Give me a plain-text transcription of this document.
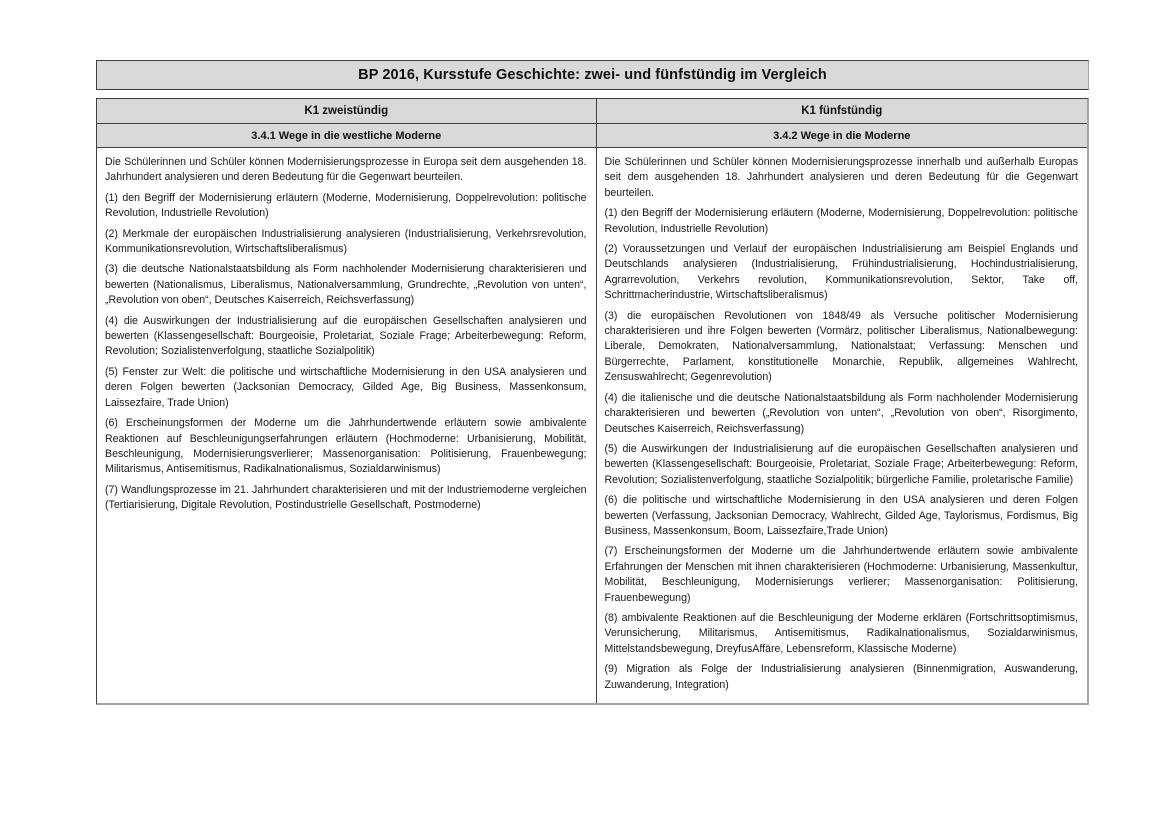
BP 2016, Kursstufe Geschichte: zwei- und fünfstündig im Vergleich
K1 zweistündig	K1 fünfstündig
3.4.1 Wege in die westliche Moderne	3.4.2 Wege in die Moderne

Die Schülerinnen und Schüler können Modernisierungsprozesse in Europa seit dem ausgehenden 18. Jahrhundert analysieren und deren Bedeutung für die Gegenwart beurteilen.

(1) den Begriff der Modernisierung erläutern (Moderne, Modernisierung, Doppelrevolution: politische Revolution, Industrielle Revolution)

(2) Merkmale der europäischen Industrialisierung analysieren (Industrialisierung, Verkehrsrevolution, Kommunikationsrevolution, Wirtschaftsliberalismus)

(3) die deutsche Nationalstaatsbildung als Form nachholender Modernisierung charakterisieren und bewerten (Nationalismus, Liberalismus, Nationalversammlung, Grundrechte, „Revolution von unten“, „Revolution von oben“, Deutsches Kaiserreich, Reichsverfassung)

(4) die Auswirkungen der Industrialisierung auf die europäischen Gesellschaften analysieren und bewerten (Klassengesellschaft: Bourgeoisie, Proletariat, Soziale Frage; Arbeiterbewegung: Reform, Revolution; Sozialistenverfolgung, staatliche Sozialpolitik)

(5) Fenster zur Welt: die politische und wirtschaftliche Modernisierung in den USA analysieren und deren Folgen bewerten (Jacksonian Democracy, Gilded Age, Big Business, Massenkonsum, Laissezfaire, Trade Union)

(6) Erscheinungsformen der Moderne um die Jahrhundertwende erläutern sowie ambivalente Reaktionen auf Beschleunigungserfahrungen erläutern (Hochmoderne: Urbanisierung, Mobilität, Beschleunigung, Modernisierungsverlierer; Massenorganisation: Politisierung, Frauenbewegung; Militarismus, Antisemitismus, Radikalnationalismus, Sozialdarwinismus)

(7) Wandlungsprozesse im 21. Jahrhundert charakterisieren und mit der Industriemoderne vergleichen (Tertiarisierung, Digitale Revolution, Postindustrielle Gesellschaft, Postmoderne)

Die Schülerinnen und Schüler können Modernisierungsprozesse innerhalb und außerhalb Europas seit dem ausgehenden 18. Jahrhundert analysieren und deren Bedeutung für die Gegenwart beurteilen.

(1) den Begriff der Modernisierung erläutern (Moderne, Modernisierung, Doppelrevolution: politische Revolution, Industrielle Revolution)

(2) Voraussetzungen und Verlauf der europäischen Industrialisierung am Beispiel Englands und Deutschlands analysieren (Industrialisierung, Frühindustrialisierung, Hochindustrialisierung, Agrarrevolution, Verkehrs revolution, Kommunikationsrevolution, Sektor, Take off, Schrittmacherindustrie, Wirtschaftsliberalismus)

(3) die europäischen Revolutionen von 1848/49 als Versuche politischer Modernisierung charakterisieren und ihre Folgen bewerten (Vormärz, politischer Liberalismus, Nationalbewegung: Liberale, Demokraten, Nationalversammlung, Nationalstaat; Verfassung: Menschen und Bürgerrechte, Parlament, konstitutionelle Monarchie, Republik, allgemeines Wahlrecht, Zensuswahlrecht; Gegenrevolution)

(4) die italienische und die deutsche Nationalstaatsbildung als Form nachholender Modernisierung charakterisieren und bewerten („Revolution von unten“, „Revolution von oben“, Risorgimento, Deutsches Kaiserreich, Reichsverfassung)

(5) die Auswirkungen der Industrialisierung auf die europäischen Gesellschaften analysieren und bewerten (Klassengesellschaft: Bourgeoisie, Proletariat, Soziale Frage; Arbeiterbewegung: Reform, Revolution; Sozialistenverfolgung, staatliche Sozialpolitik; bürgerliche Familie, proletarische Familie)

(6) die politische und wirtschaftliche Modernisierung in den USA analysieren und deren Folgen bewerten (Verfassung, Jacksonian Democracy, Wahlrecht, Gilded Age, Taylorismus, Fordismus, Big Business, Massenkonsum, Boom, Laissezfaire,Trade Union)

(7) Erscheinungsformen der Moderne um die Jahrhundertwende erläutern sowie ambivalente Erfahrungen der Menschen mit ihnen charakterisieren (Hochmoderne: Urbanisierung, Massenkultur, Mobilität, Beschleunigung, Modernisierungs verlierer; Massenorganisation: Politisierung, Frauenbewegung)

(8) ambivalente Reaktionen auf die Beschleunigung der Moderne erklären (Fortschrittsoptimismus, Verunsicherung, Militarismus, Antisemitismus, Radikalnationalismus, Sozialdarwinismus, Mittelstandsbewegung, DreyfusAffäre, Lebensreform, Klassische Moderne)

(9) Migration als Folge der Industrialisierung analysieren (Binnenmigration, Auswanderung, Zuwanderung, Integration)
